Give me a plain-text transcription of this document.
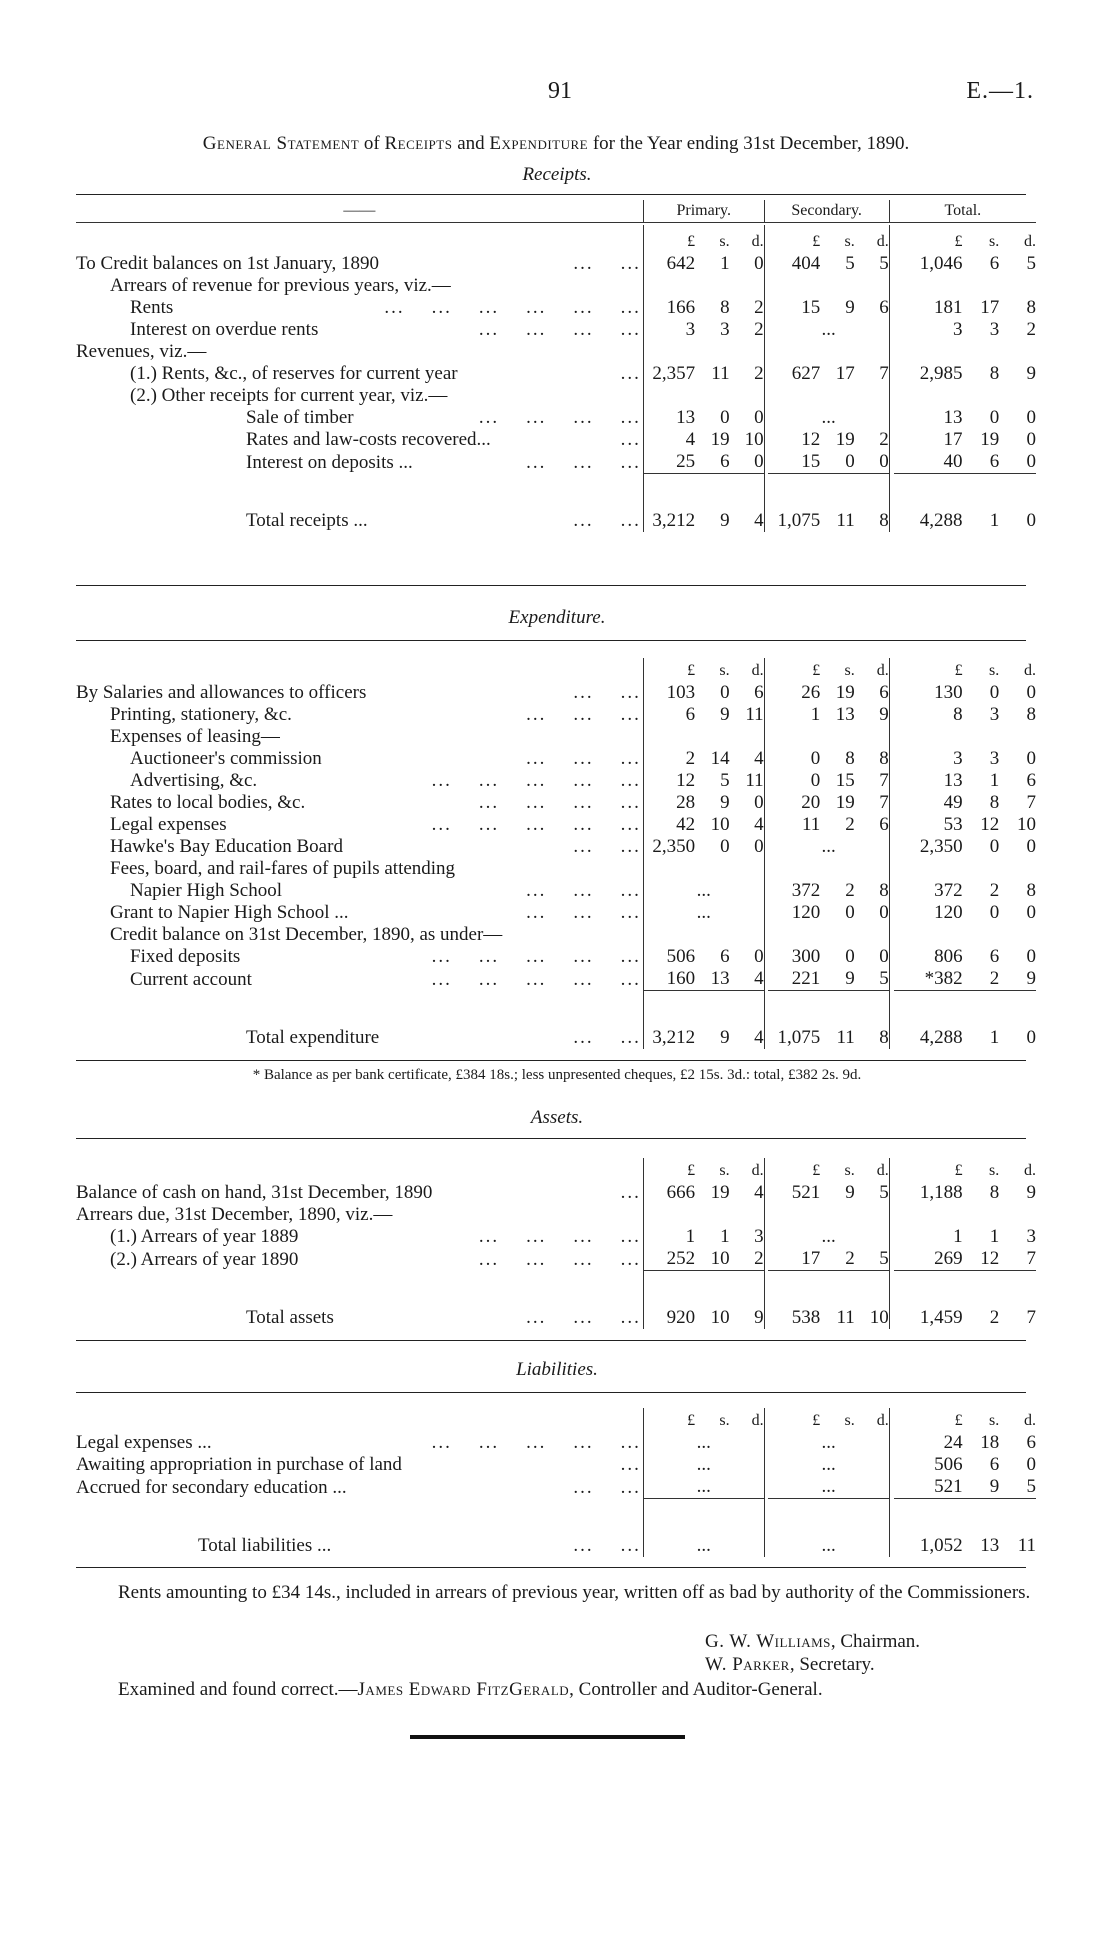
91	E.—1.
General Statement of Receipts and Expenditure for the Year ending 31st December, 1890.
Receipts.
——	Primary.			Secondary.				Total.			

	£	s.	d.		£	s.	d.		£	s.	d.
To Credit balances on 1st January, 1890 ...    ...	642	1	0		404	5	5		1,046	6	5
Arrears of revenue for previous years, viz.—											
Rents ...    ...    ...    ...    ...    ...	166	8	2		15	9	6		181	17	8
Interest on overdue rents ...    ...    ...    ...	3	3	2		...				3	3	2
Revenues, viz.—											
(1.) Rents, &c., of reserves for current year ...	2,357	11	2		627	17	7		2,985	8	9
(2.) Other receipts for current year, viz.—											
Sale of timber ...    ...    ...    ...	13	0	0		...				13	0	0
Rates and law-costs recovered... ...	4	19	10		12	19	2		17	19	0
Interest on deposits ... ...    ...    ...	25	6	0		15	0	0		40	6	0

Total receipts ... ...    ...	3,212	9	4		1,075	11	8		4,288	1	0
Expenditure.
	£	s.	d.		£	s.	d.		£	s.	d.
By Salaries and allowances to officers ...    ...	103	0	6		26	19	6		130	0	0
Printing, stationery, &c. ...    ...    ...	6	9	11		1	13	9		8	3	8
Expenses of leasing—											
Auctioneer's commission ...    ...    ...	2	14	4		0	8	8		3	3	0
Advertising, &c. ...    ...    ...    ...    ...	12	5	11		0	15	7		13	1	6
Rates to local bodies, &c. ...    ...    ...    ...	28	9	0		20	19	7		49	8	7
Legal expenses ...    ...    ...    ...    ...	42	10	4		11	2	6		53	12	10
Hawke's Bay Education Board ...    ...	2,350	0	0		...				2,350	0	0
Fees, board, and rail-fares of pupils attending											
Napier High School ...    ...    ...	...				372	2	8		372	2	8
Grant to Napier High School ... ...    ...    ...	...				120	0	0		120	0	0
Credit balance on 31st December, 1890, as under—											
Fixed deposits ...    ...    ...    ...    ...	506	6	0		300	0	0		806	6	0
Current account ...    ...    ...    ...    ...	160	13	4		221	9	5		*382	2	9

Total expenditure ...    ...	3,212	9	4		1,075	11	8		4,288	1	0
* Balance as per bank certificate, £384 18s.; less unpresented cheques, £2 15s. 3d.: total, £382 2s. 9d.
Assets.
	£	s.	d.		£	s.	d.		£	s.	d.
Balance of cash on hand, 31st December, 1890 ...	666	19	4		521	9	5		1,188	8	9
Arrears due, 31st December, 1890, viz.—											
(1.) Arrears of year 1889 ...    ...    ...    ...	1	1	3		...				1	1	3
(2.) Arrears of year 1890 ...    ...    ...    ...	252	10	2		17	2	5		269	12	7

Total assets ...    ...    ...	920	10	9		538	11	10		1,459	2	7
Liabilities.
	£	s.	d.		£	s.	d.		£	s.	d.
Legal expenses ... ...    ...    ...    ...    ...	...				...				24	18	6
Awaiting appropriation in purchase of land ...	...				...				506	6	0
Accrued for secondary education ... ...    ...	...				...				521	9	5

Total liabilities ... ...    ...	...				...				1,052	13	11
Rents amounting to £34 14s., included in arrears of previous year, written off as bad by authority of the Commissioners.
G. W. Williams, Chairman.
W. Parker, Secretary.
Examined and found correct.—James Edward FitzGerald, Controller and Auditor-General.
